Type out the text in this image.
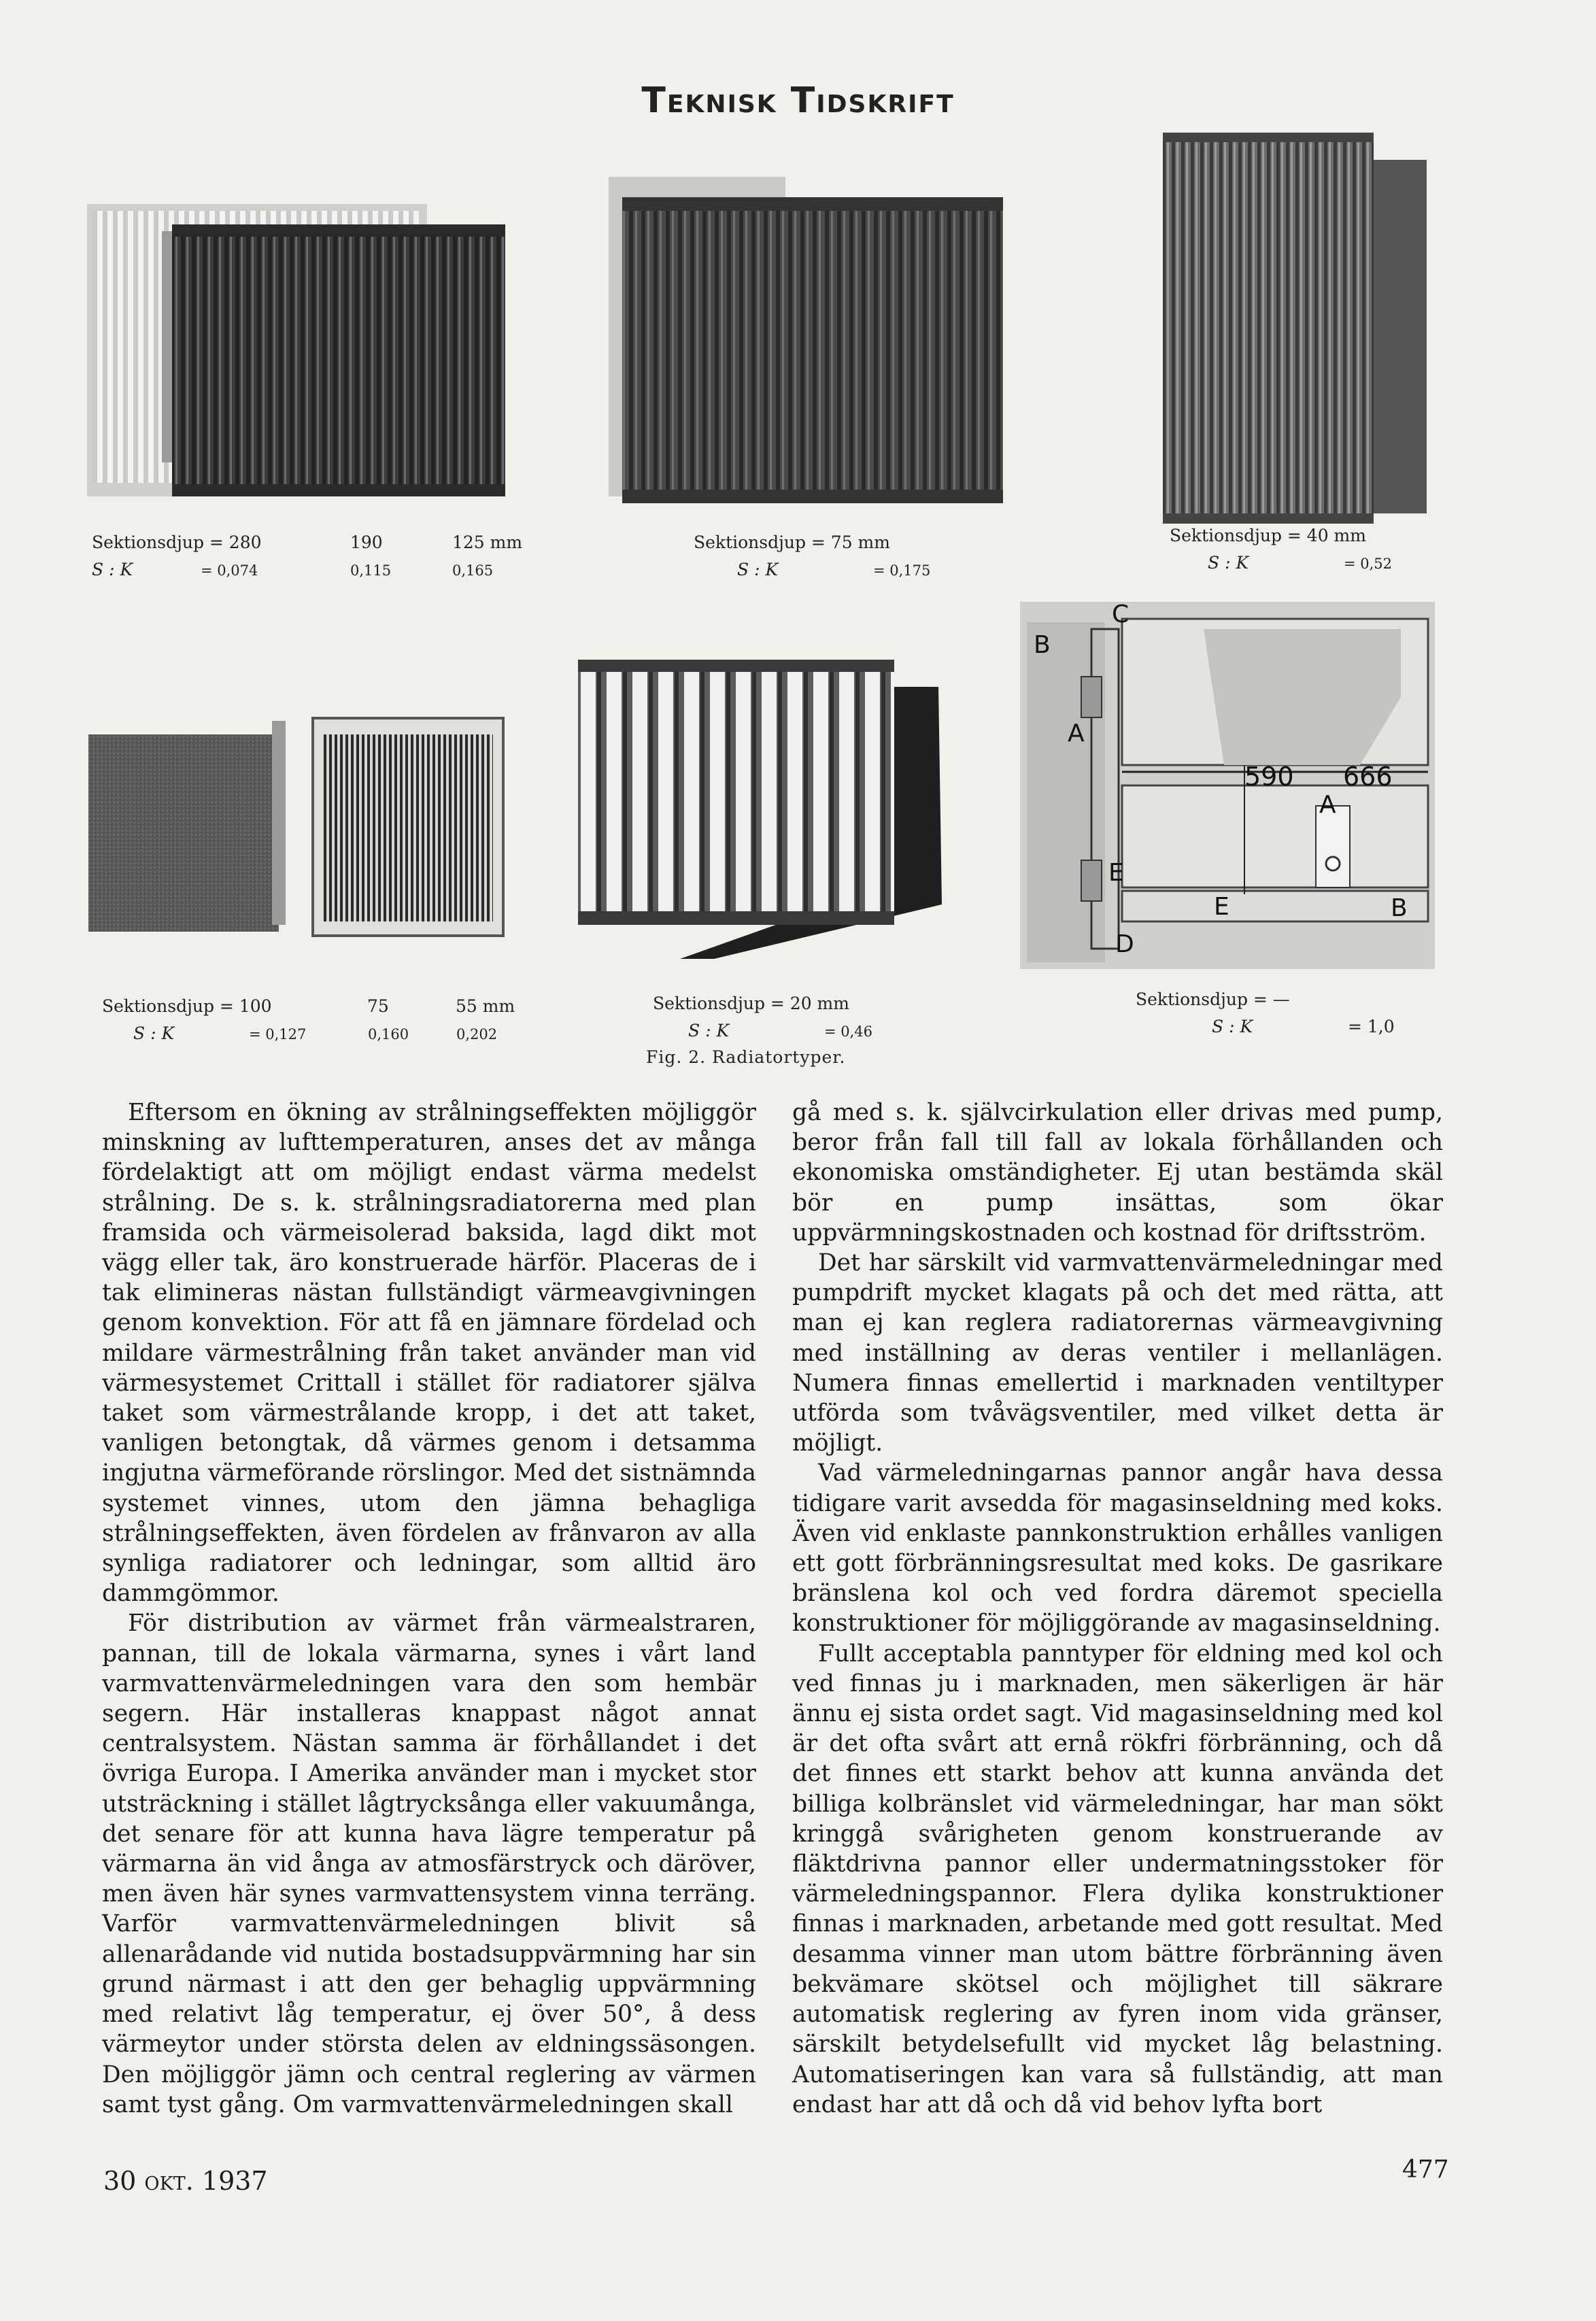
Teknisk Tidskrift
Sektionsdjup = 280	190	125 mm
S : K	= 0,074	0,115	0,165
Sektionsdjup = 75 mm
S : K	= 0,175
Sektionsdjup = 40 mm
S : K	= 0,52
B
C
A
E
D
590 666
A
E	B
Sektionsdjup = 100	75	55 mm
S : K	= 0,127	0,160	0,202
Sektionsdjup = 20 mm
S : K	= 0,46
Sektionsdjup = —
S : K	= 1,0
Fig. 2. Radiatortyper.

Eftersom en ökning av strålningseffekten möjliggör minskning av lufttemperaturen, anses det av många fördelaktigt att om möjligt endast värma medelst strålning. De s. k. strålningsradiatorerna med plan framsida och värmeisolerad baksida, lagd dikt mot vägg eller tak, äro konstruerade härför. Placeras de i tak elimineras nästan fullständigt värmeavgivningen genom konvektion. För att få en jämnare fördelad och mildare värmestrålning från taket använder man vid värmesystemet Crittall i stället för radiatorer själva taket som värmestrålande kropp, i det att taket, vanligen betongtak, då värmes genom i detsamma ingjutna värmeförande rörslingor. Med det sistnämnda systemet vinnes, utom den jämna behagliga strålningseffekten, även fördelen av frånvaron av alla synliga radiatorer och ledningar, som alltid äro dammgömmor.

För distribution av värmet från värmealstraren, pannan, till de lokala värmarna, synes i vårt land varmvattenvärmeledningen vara den som hembär segern. Här installeras knappast något annat centralsystem. Nästan samma är förhållandet i det övriga Europa. I Amerika använder man i mycket stor utsträckning i stället lågtrycksånga eller vakuumånga, det senare för att kunna hava lägre temperatur på värmarna än vid ånga av atmosfärstryck och däröver, men även här synes varmvattensystem vinna terräng. Varför varmvattenvärmeledningen blivit så allenarådande vid nutida bostadsuppvärmning har sin grund närmast i att den ger behaglig uppvärmning med relativt låg temperatur, ej över 50°, å dess värmeytor under största delen av eldningssäsongen. Den möjliggör jämn och central reglering av värmen samt tyst gång. Om varmvattenvärmeledningen skall

gå med s. k. självcirkulation eller drivas med pump, beror från fall till fall av lokala förhållanden och ekonomiska omständigheter. Ej utan bestämda skäl bör en pump insättas, som ökar uppvärmningskostnaden och kostnad för driftsström.

Det har särskilt vid varmvattenvärmeledningar med pumpdrift mycket klagats på och det med rätta, att man ej kan reglera radiatorernas värmeavgivning med inställning av deras ventiler i mellanlägen. Numera finnas emellertid i marknaden ventiltyper utförda som tvåvägsventiler, med vilket detta är möjligt.

Vad värmeledningarnas pannor angår hava dessa tidigare varit avsedda för magasinseldning med koks. Även vid enklaste pannkonstruktion erhålles vanligen ett gott förbränningsresultat med koks. De gasrikare bränslena kol och ved fordra däremot speciella konstruktioner för möjliggörande av magasinseldning.

Fullt acceptabla panntyper för eldning med kol och ved finnas ju i marknaden, men säkerligen är här ännu ej sista ordet sagt. Vid magasinseldning med kol är det ofta svårt att ernå rökfri förbränning, och då det finnes ett starkt behov att kunna använda det billiga kolbränslet vid värmeledningar, har man sökt kringgå svårigheten genom konstruerande av fläktdrivna pannor eller undermatningsstoker för värmeledningspannor. Flera dylika konstruktioner finnas i marknaden, arbetande med gott resultat. Med desamma vinner man utom bättre förbränning även bekvämare skötsel och möjlighet till säkrare automatisk reglering av fyren inom vida gränser, särskilt betydelsefullt vid mycket låg belastning. Automatiseringen kan vara så fullständig, att man endast har att då och då vid behov lyfta bort

30 okt. 1937	477
